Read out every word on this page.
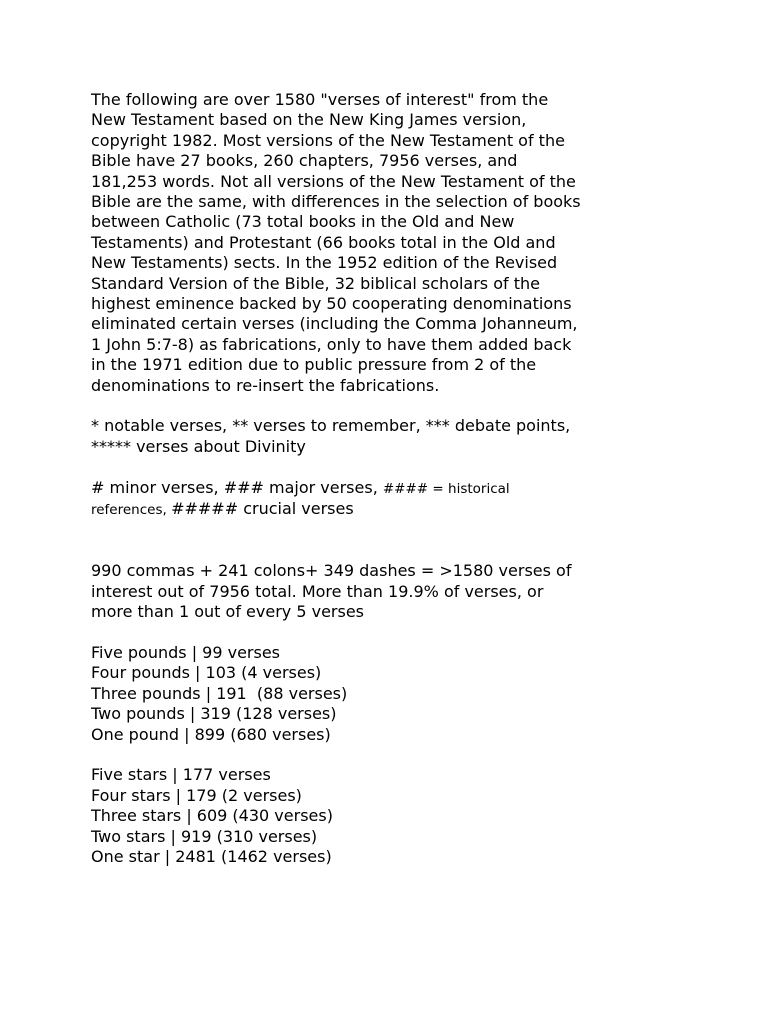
The following are over 1580 "verses of interest" from the
New Testament based on the New King James version,
copyright 1982. Most versions of the New Testament of the
Bible have 27 books, 260 chapters, 7956 verses, and
181,253 words. Not all versions of the New Testament of the
Bible are the same, with differences in the selection of books
between Catholic (73 total books in the Old and New
Testaments) and Protestant (66 books total in the Old and
New Testaments) sects. In the 1952 edition of the Revised
Standard Version of the Bible, 32 biblical scholars of the
highest eminence backed by 50 cooperating denominations
eliminated certain verses (including the Comma Johanneum,
1 John 5:7-8) as fabrications, only to have them added back
in the 1971 edition due to public pressure from 2 of the
denominations to re-insert the fabrications.
* notable verses, ** verses to remember, *** debate points,
***** verses about Divinity
# minor verses, ### major verses, #### = historical
references, ##### crucial verses
990 commas + 241 colons+ 349 dashes = >1580 verses of
interest out of 7956 total. More than 19.9% of verses, or
more than 1 out of every 5 verses
Five pounds | 99 verses
Four pounds | 103 (4 verses)
Three pounds | 191  (88 verses)
Two pounds | 319 (128 verses)
One pound | 899 (680 verses)
Five stars | 177 verses
Four stars | 179 (2 verses)
Three stars | 609 (430 verses)
Two stars | 919 (310 verses)
One star | 2481 (1462 verses)
